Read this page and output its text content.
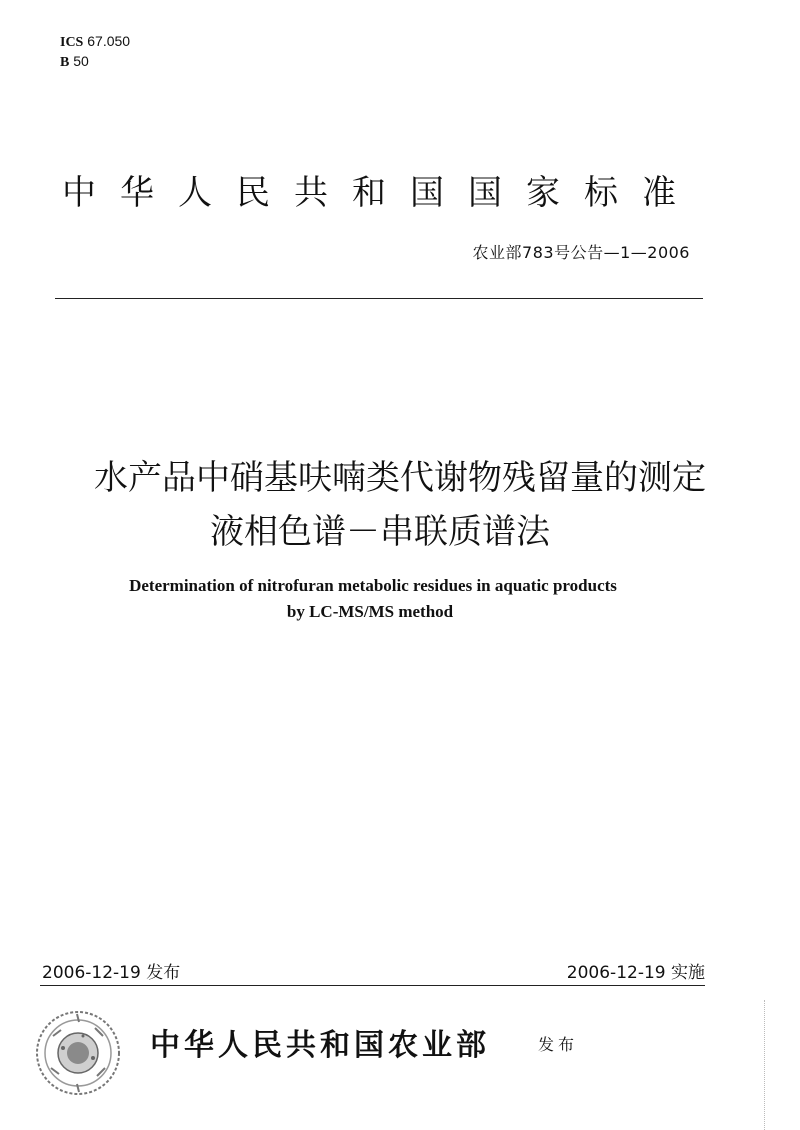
ICS 67.050
B 50
中华人民共和国国家标准
农业部783号公告—1—2006
水产品中硝基呋喃类代谢物残留量的测定
液相色谱－串联质谱法
Determination of nitrofuran metabolic residues in aquatic products
by LC-MS/MS method
2006-12-19 发布	2006-12-19 实施
中华人民共和国农业部	发布
